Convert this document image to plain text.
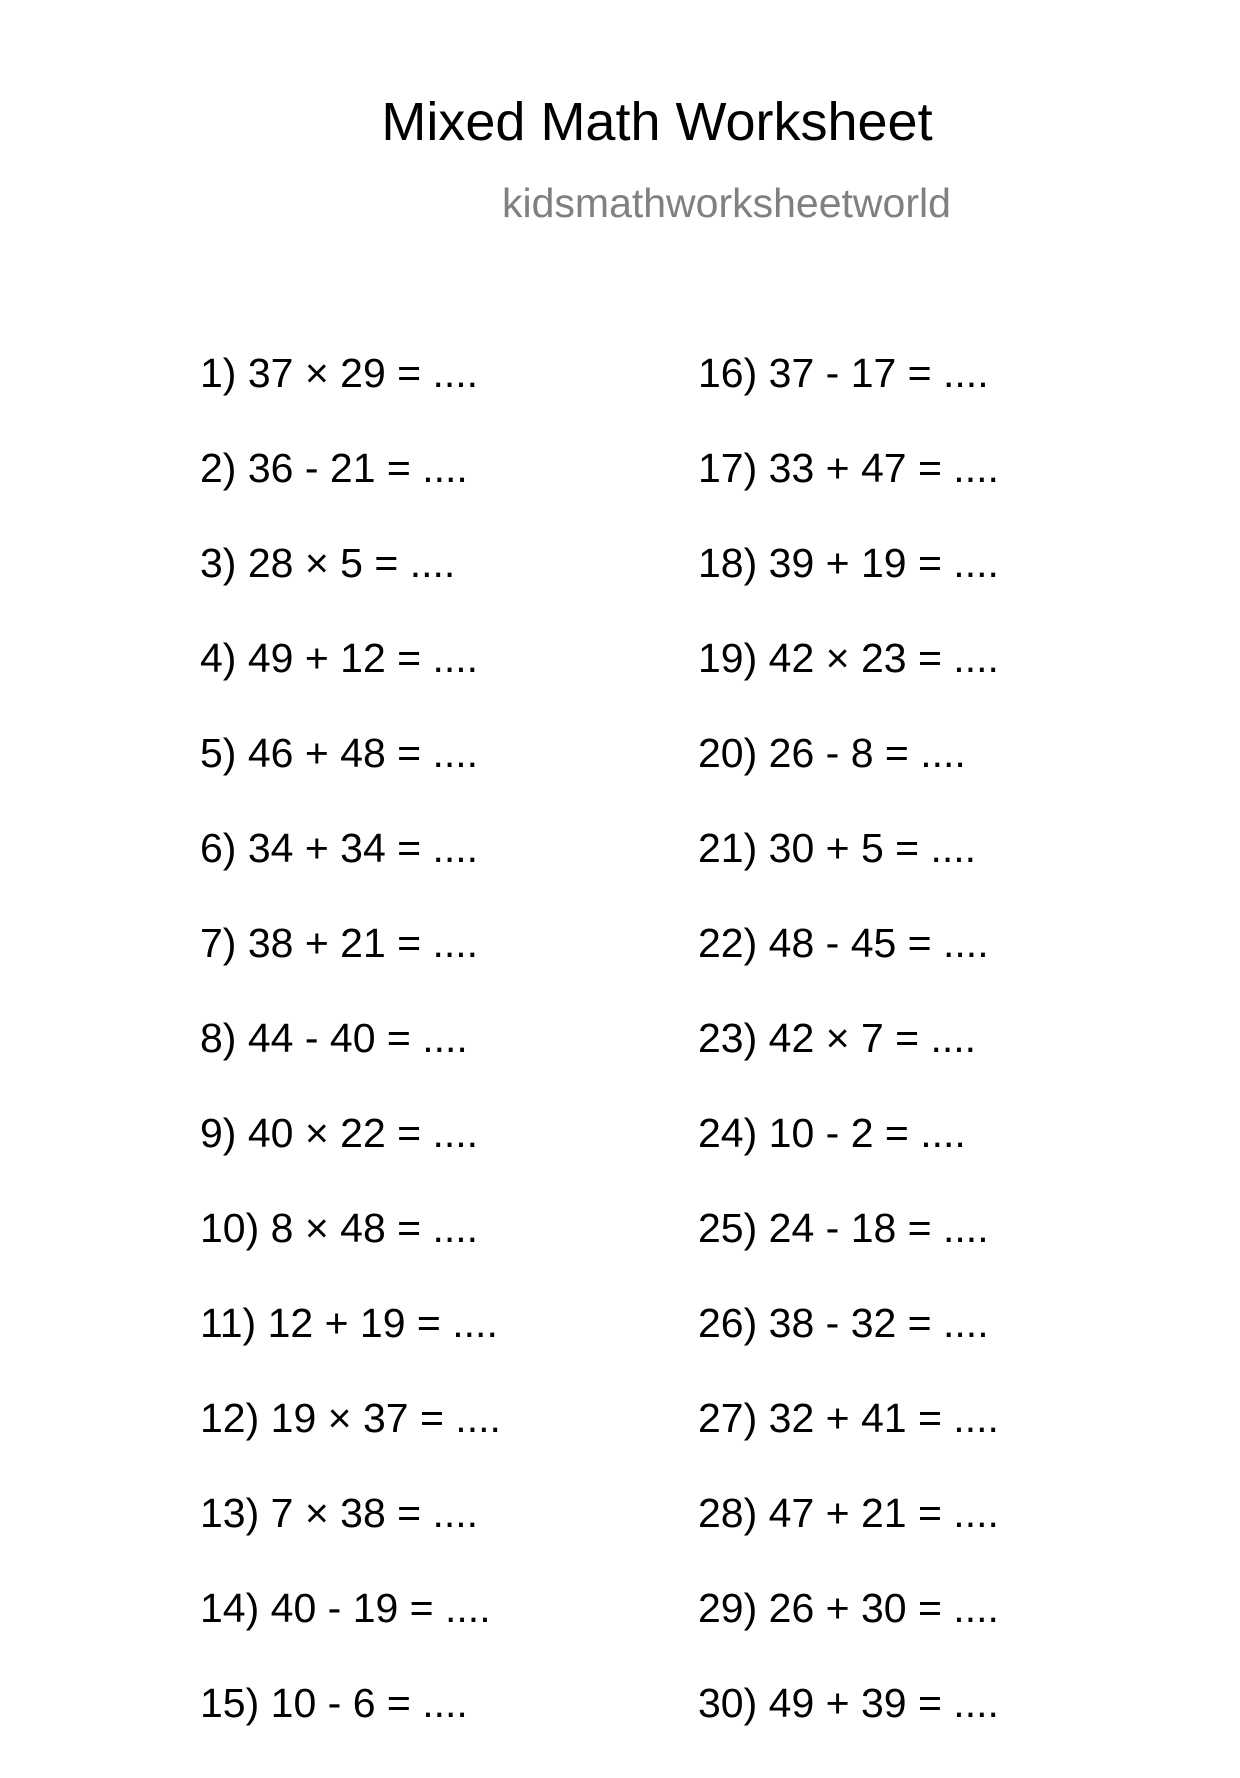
Mixed Math Worksheet
kidsmathworksheetworld
1) 37 × 29 = ....
2) 36 - 21 = ....
3) 28 × 5 = ....
4) 49 + 12 = ....
5) 46 + 48 = ....
6) 34 + 34 = ....
7) 38 + 21 = ....
8) 44 - 40 = ....
9) 40 × 22 = ....
10) 8 × 48 = ....
11) 12 + 19 = ....
12) 19 × 37 = ....
13) 7 × 38 = ....
14) 40 - 19 = ....
15) 10 - 6 = ....
16) 37 - 17 = ....
17) 33 + 47 = ....
18) 39 + 19 = ....
19) 42 × 23 = ....
20) 26 - 8 = ....
21) 30 + 5 = ....
22) 48 - 45 = ....
23) 42 × 7 = ....
24) 10 - 2 = ....
25) 24 - 18 = ....
26) 38 - 32 = ....
27) 32 + 41 = ....
28) 47 + 21 = ....
29) 26 + 30 = ....
30) 49 + 39 = ....
